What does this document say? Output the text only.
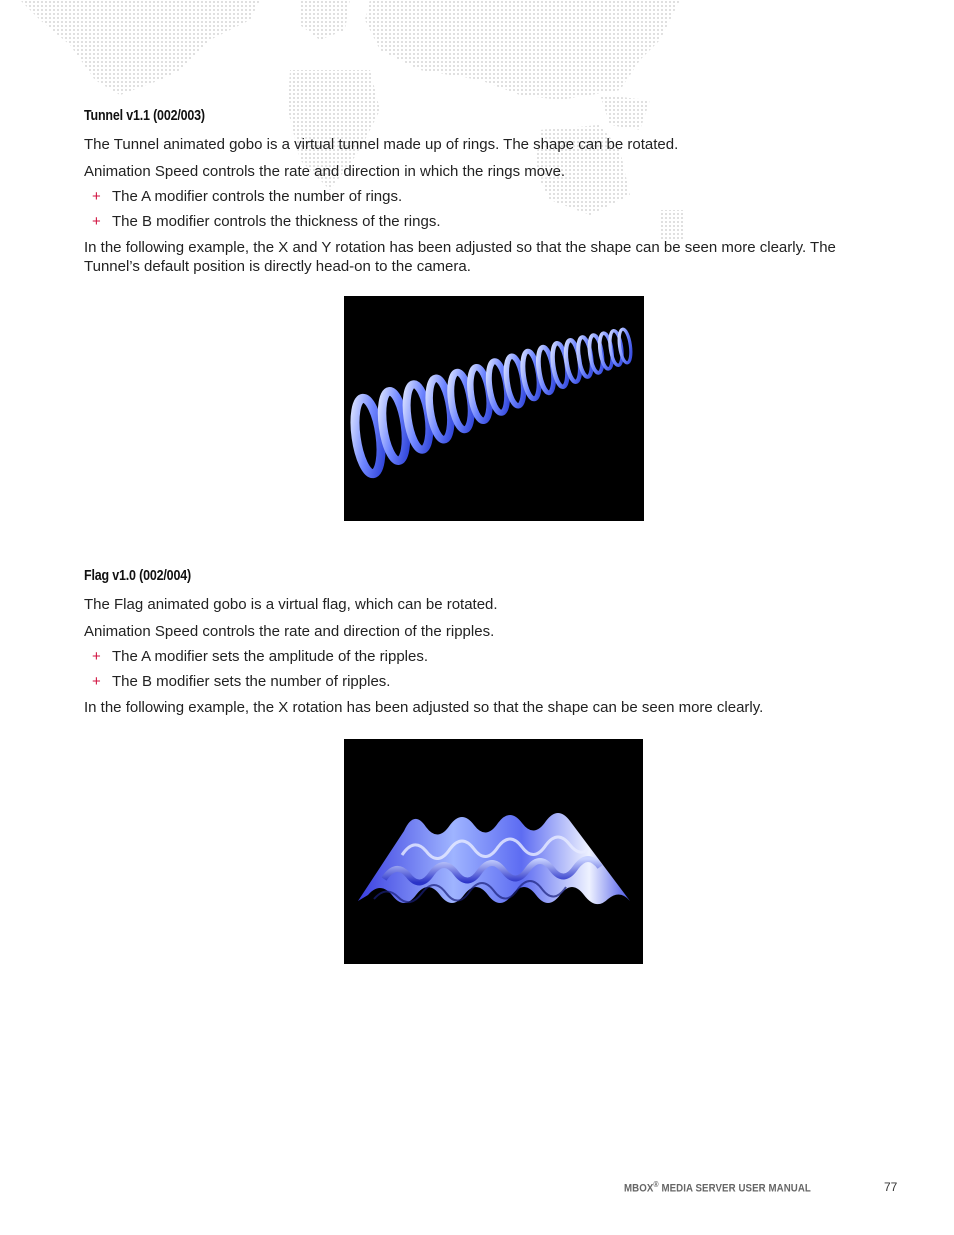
Tunnel v1.1 (002/003)
The Tunnel animated gobo is a virtual tunnel made up of rings. The shape can be rotated.
Animation Speed controls the rate and direction in which the rings move.
+ The A modifier controls the number of rings.
+ The B modifier controls the thickness of the rings.
In the following example, the X and Y rotation has been adjusted so that the shape can be seen more clearly. The Tunnel’s default position is directly head-on to the camera.
Flag v1.0 (002/004)
The Flag animated gobo is a virtual flag, which can be rotated.
Animation Speed controls the rate and direction of the ripples.
+ The A modifier sets the amplitude of the ripples.
+ The B modifier sets the number of ripples.
In the following example, the X rotation has been adjusted so that the shape can be seen more clearly.
MBOX® MEDIA SERVER USER MANUAL	77
